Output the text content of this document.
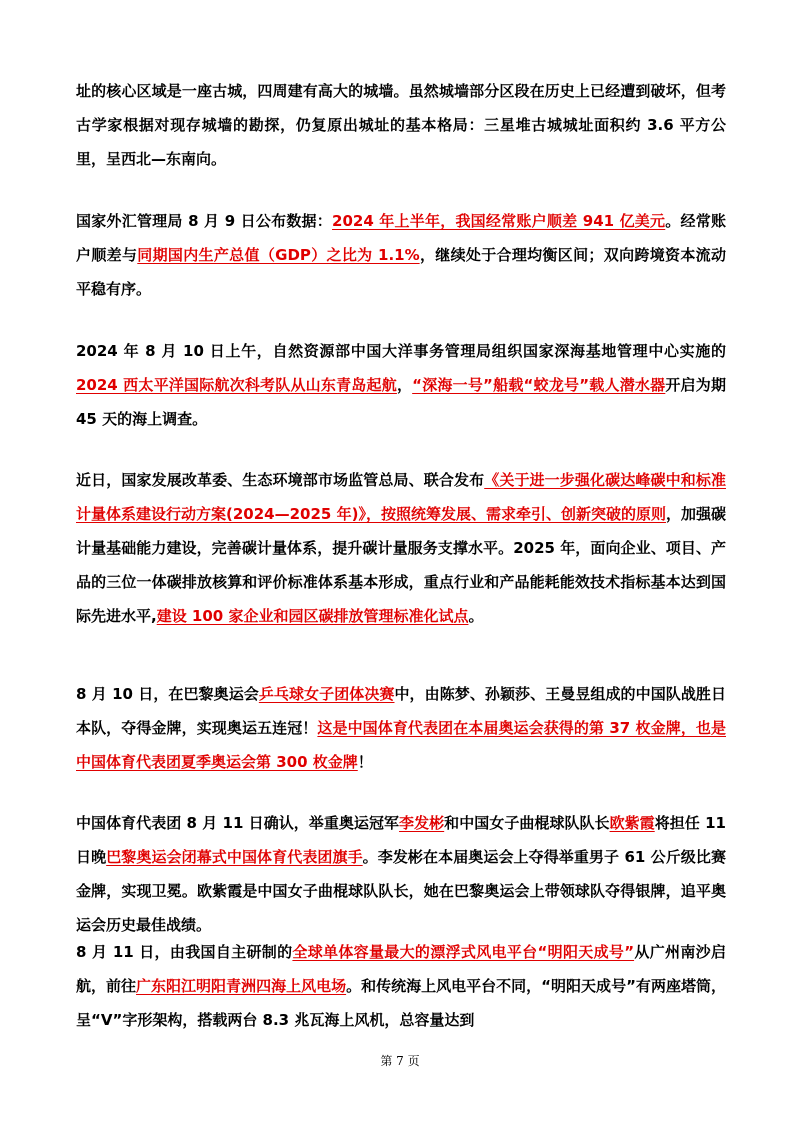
址的核心区域是一座古城，四周建有高大的城墙。虽然城墙部分区段在历史上已经遭到破坏，但考古学家根据对现存城墙的勘探，仍复原出城址的基本格局：三星堆古城城址面积约 3.6 平方公里，呈西北—东南向。

国家外汇管理局 8 月 9 日公布数据：2024 年上半年，我国经常账户顺差 941 亿美元。经常账户顺差与同期国内生产总值（GDP）之比为 1.1%，继续处于合理均衡区间；双向跨境资本流动平稳有序。

2024 年 8 月 10 日上午，自然资源部中国大洋事务管理局组织国家深海基地管理中心实施的 2024 西太平洋国际航次科考队从山东青岛起航，“深海一号”船载“蛟龙号”载人潜水器开启为期 45 天的海上调查。

近日，国家发展改革委、生态环境部市场监管总局、联合发布《关于进一步强化碳达峰碳中和标准计量体系建设行动方案(2024—2025 年)》，按照统筹发展、需求牵引、创新突破的原则，加强碳计量基础能力建设，完善碳计量体系，提升碳计量服务支撑水平。2025 年，面向企业、项目、产品的三位一体碳排放核算和评价标准体系基本形成，重点行业和产品能耗能效技术指标基本达到国际先进水平,建设 100 家企业和园区碳排放管理标准化试点。

8 月 10 日，在巴黎奥运会乒乓球女子团体决赛中，由陈梦、孙颖莎、王曼昱组成的中国队战胜日本队，夺得金牌，实现奥运五连冠！这是中国体育代表团在本届奥运会获得的第 37 枚金牌，也是中国体育代表团夏季奥运会第 300 枚金牌！

中国体育代表团 8 月 11 日确认，举重奥运冠军李发彬和中国女子曲棍球队队长欧紫霞将担任 11 日晚巴黎奥运会闭幕式中国体育代表团旗手。李发彬在本届奥运会上夺得举重男子 61 公斤级比赛金牌，实现卫冕。欧紫霞是中国女子曲棍球队队长，她在巴黎奥运会上带领球队夺得银牌，追平奥运会历史最佳战绩。

8 月 11 日，由我国自主研制的全球单体容量最大的漂浮式风电平台“明阳天成号”从广州南沙启航，前往广东阳江明阳青洲四海上风电场。和传统海上风电平台不同，“明阳天成号”有两座塔筒，呈“V”字形架构，搭载两台 8.3 兆瓦海上风机，总容量达到

第 7 页
